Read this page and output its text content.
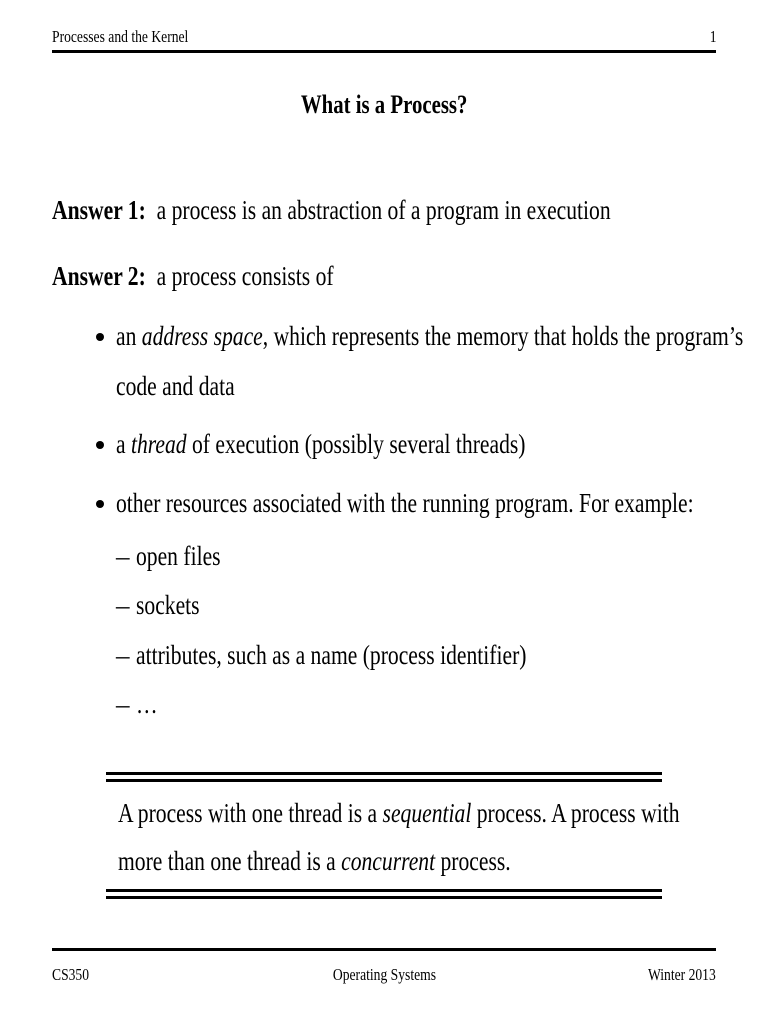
Processes and the Kernel	1
What is a Process?
Answer 1: a process is an abstraction of a program in execution
Answer 2: a process consists of
an address space, which represents the memory that holds the program’s
code and data
a thread of execution (possibly several threads)
other resources associated with the running program. For example:
– open files
– sockets
– attributes, such as a name (process identifier)
– …
A process with one thread is a sequential process. A process with
more than one thread is a concurrent process.
CS350	Operating Systems	Winter 2013
